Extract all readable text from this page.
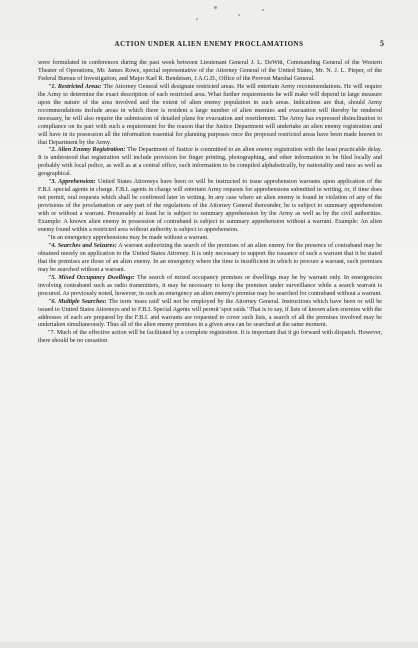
ACTION UNDER ALIEN ENEMY PROCLAMATIONS	5

were formulated in conferences during the past week between Lieutenant General J. L. DeWitt, Commanding General of the Western Theater of Operations, Mr. James Rowe, special representative of the Attorney General of the United States, Mr. N. J. L. Pieper, of the Federal Bureau of Investigation, and Major Karl R. Bendetsen, J.A.G.D., Office of the Provost Marshal General.

"1. Restricted Areas: The Attorney General will designate restricted areas. He will entertain Army recommendations. He will require the Army to determine the exact description of each restricted area. What further requirements he will make will depend in large measure upon the nature of the area involved and the extent of alien enemy population in such areas. Indications are that, should Army recommendations include areas in which there is resident a large number of alien enemies and evacuation will thereby be rendered necessary, he will also require the submission of detailed plans for evacuation and resettlement. The Army has expressed disinclination to compliance on its part with such a requirement for the reason that the Justice Department will undertake an alien enemy registration and will have in its possession all the information essential for planning purposes once the proposed restricted areas have been made known to that Department by the Army.

"2. Alien Enemy Registration: The Department of Justice is committed to an alien enemy registration with the least practicable delay. It is understood that registration will include provision for finger printing, photographing, and other information to be filed locally and probably with local police, as well as at a central office, such information to be compiled alphabetically, by nationality and race as well as geographical.

"3. Apprehension: United States Attorneys have been or will be instructed to issue apprehension warrants upon application of the F.B.I. special agents in charge. F.B.I. agents in charge will entertain Army requests for apprehensions submitted in writing, or, if time does not permit, oral requests which shall be confirmed later in writing. In any case where an alien enemy is found in violation of any of the provisions of the proclamation or any part of the regulations of the Attorney General thereunder, he is subject to summary apprehension with or without a warrant. Presumably at least he is subject to summary apprehension by the Army as well as by the civil authorities. Example: A known alien enemy in possession of contraband is subject to summary apprehension without a warrant. Example: An alien enemy found within a restricted area without authority is subject to apprehension.

"In an emergency apprehensions may be made without a warrant.

"4. Searches and Seizures: A warrant authorizing the search of the premises of an alien enemy for the presence of contraband may be obtained merely on application to the United States Attorney. It is only necessary to support the issuance of such a warrant that it be stated that the premises are those of an alien enemy. In an emergency where the time is insufficient in which to procure a warrant, such premises may be searched without a warrant.

"5. Mixed Occupancy Dwellings: The search of mixed occupancy premises or dwellings may be by warrant only. In emergencies involving contraband such as radio transmitters, it may be necessary to keep the premises under surveillance while a search warrant is procured. As previously noted, however, in such an emergency an alien enemy's premise may be searched for contraband without a warrant.

"6. Multiple Searches: The term 'mass raid' will not be employed by the Attorney General. Instructions which have been or will be issued to United States Attorneys and to F.B.I. Special Agents will permit 'spot raids.' That is to say, if lists of known alien enemies with the addresses of each are prepared by the F.B.I. and warrants are requested to cover such lists, a search of all the premises involved may be undertaken simultaneously. Thus all of the alien enemy premises in a given area can be searched at the same moment.

"7. Much of the effective action will be facilitated by a complete registration. It is important that it go forward with dispatch. However, there should be no cessation
